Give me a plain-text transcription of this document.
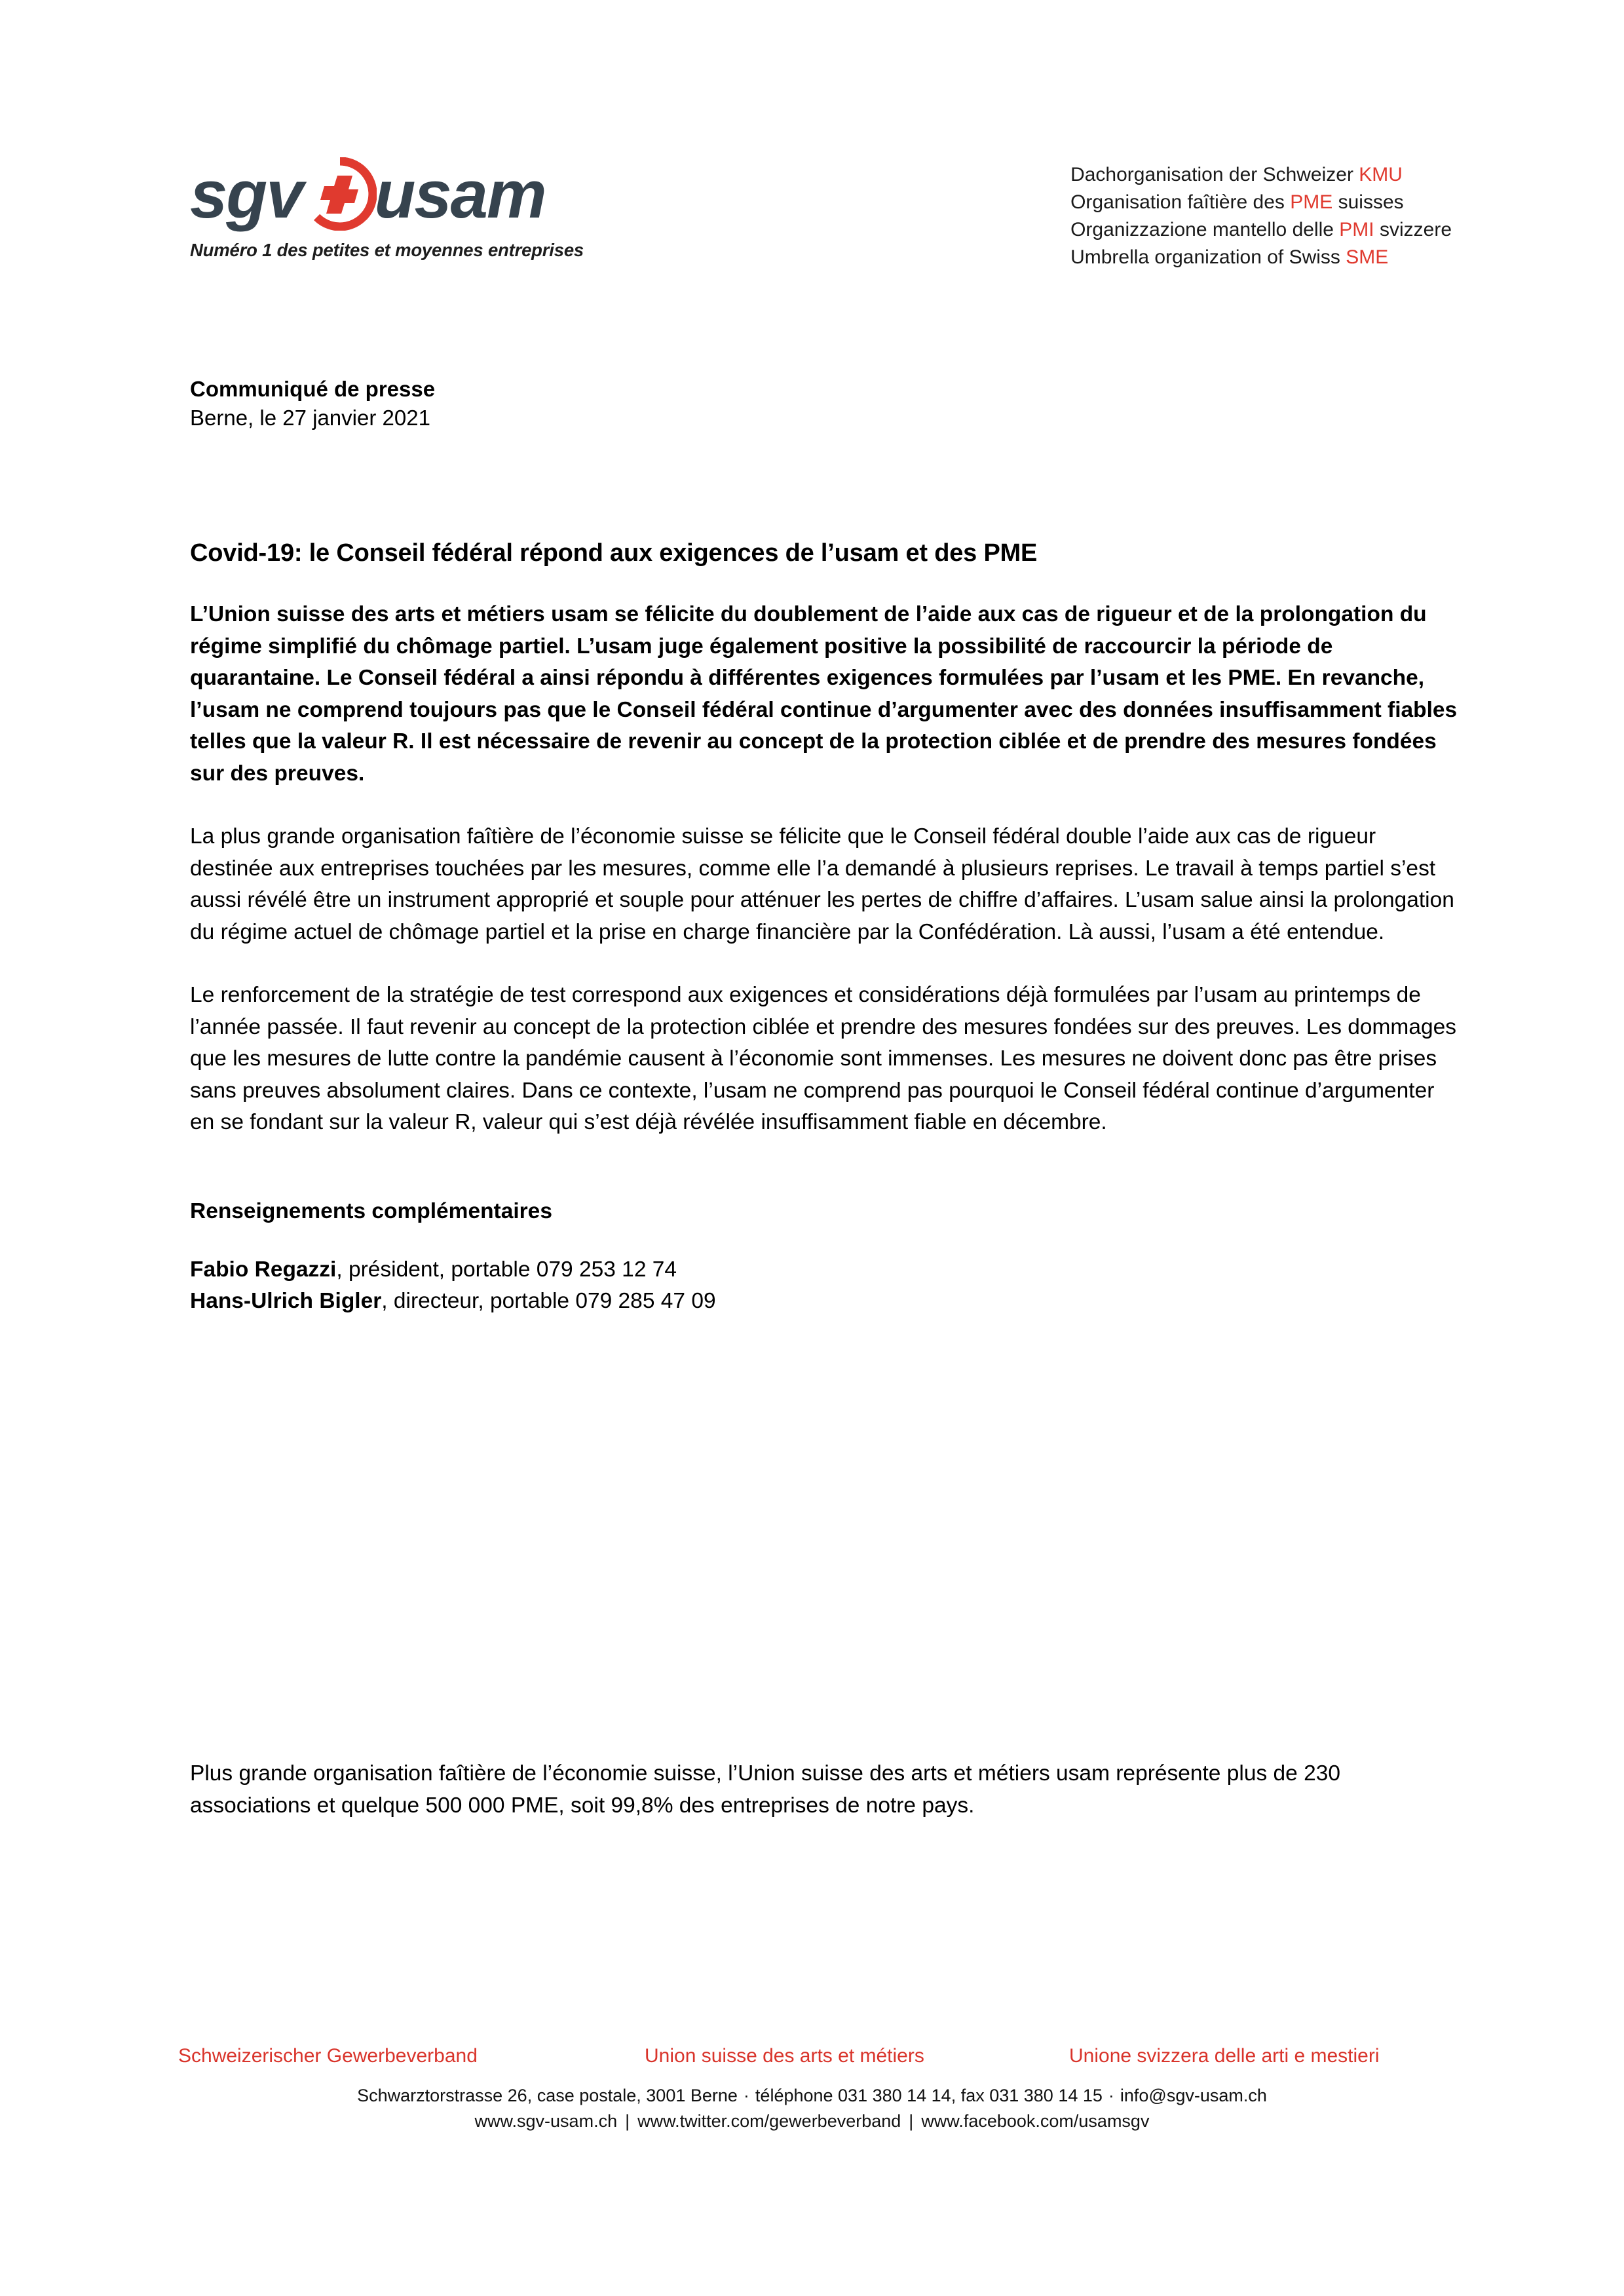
sgv usam
Numéro 1 des petites et moyennes entreprises
Dachorganisation der Schweizer KMU
Organisation faîtière des PME suisses
Organizzazione mantello delle PMI svizzere
Umbrella organization of Swiss SME
Communiqué de presse
Berne, le 27 janvier 2021
Covid-19: le Conseil fédéral répond aux exigences de l’usam et des PME

L’Union suisse des arts et métiers usam se félicite du doublement de l’aide aux cas de rigueur et de la prolongation du régime simplifié du chômage partiel. L’usam juge également positive la possibilité de raccourcir la période de quarantaine. Le Conseil fédéral a ainsi répondu à différentes exigences formulées par l’usam et les PME. En revanche, l’usam ne comprend toujours pas que le Conseil fédéral continue d’argumenter avec des données insuffisamment fiables telles que la valeur R. Il est nécessaire de revenir au concept de la protection ciblée et de prendre des mesures fondées sur des preuves.

La plus grande organisation faîtière de l’économie suisse se félicite que le Conseil fédéral double l’aide aux cas de rigueur destinée aux entreprises touchées par les mesures, comme elle l’a demandé à plusieurs reprises. Le travail à temps partiel s’est aussi révélé être un instrument approprié et souple pour atténuer les pertes de chiffre d’affaires. L’usam salue ainsi la prolongation du régime actuel de chômage partiel et la prise en charge financière par la Confédération. Là aussi, l’usam a été entendue.

Le renforcement de la stratégie de test correspond aux exigences et considérations déjà formulées par l’usam au printemps de l’année passée. Il faut revenir au concept de la protection ciblée et prendre des mesures fondées sur des preuves. Les dommages que les mesures de lutte contre la pandémie causent à l’économie sont immenses. Les mesures ne doivent donc pas être prises sans preuves absolument claires. Dans ce contexte, l’usam ne comprend pas pourquoi le Conseil fédéral continue d’argumenter en se fondant sur la valeur R, valeur qui s’est déjà révélée insuffisamment fiable en décembre.

Renseignements complémentaires
Fabio Regazzi, président, portable 079 253 12 74
Hans-Ulrich Bigler, directeur, portable 079 285 47 09
Plus grande organisation faîtière de l’économie suisse, l’Union suisse des arts et métiers usam représente plus de 230 associations et quelque 500 000 PME, soit 99,8% des entreprises de notre pays.
Schweizerischer Gewerbeverband	Union suisse des arts et métiers	Unione svizzera delle arti e mestieri
Schwarztorstrasse 26, case postale, 3001 Berne · téléphone 031 380 14 14, fax 031 380 14 15 · info@sgv-usam.ch
www.sgv-usam.ch | www.twitter.com/gewerbeverband | www.facebook.com/usamsgv
